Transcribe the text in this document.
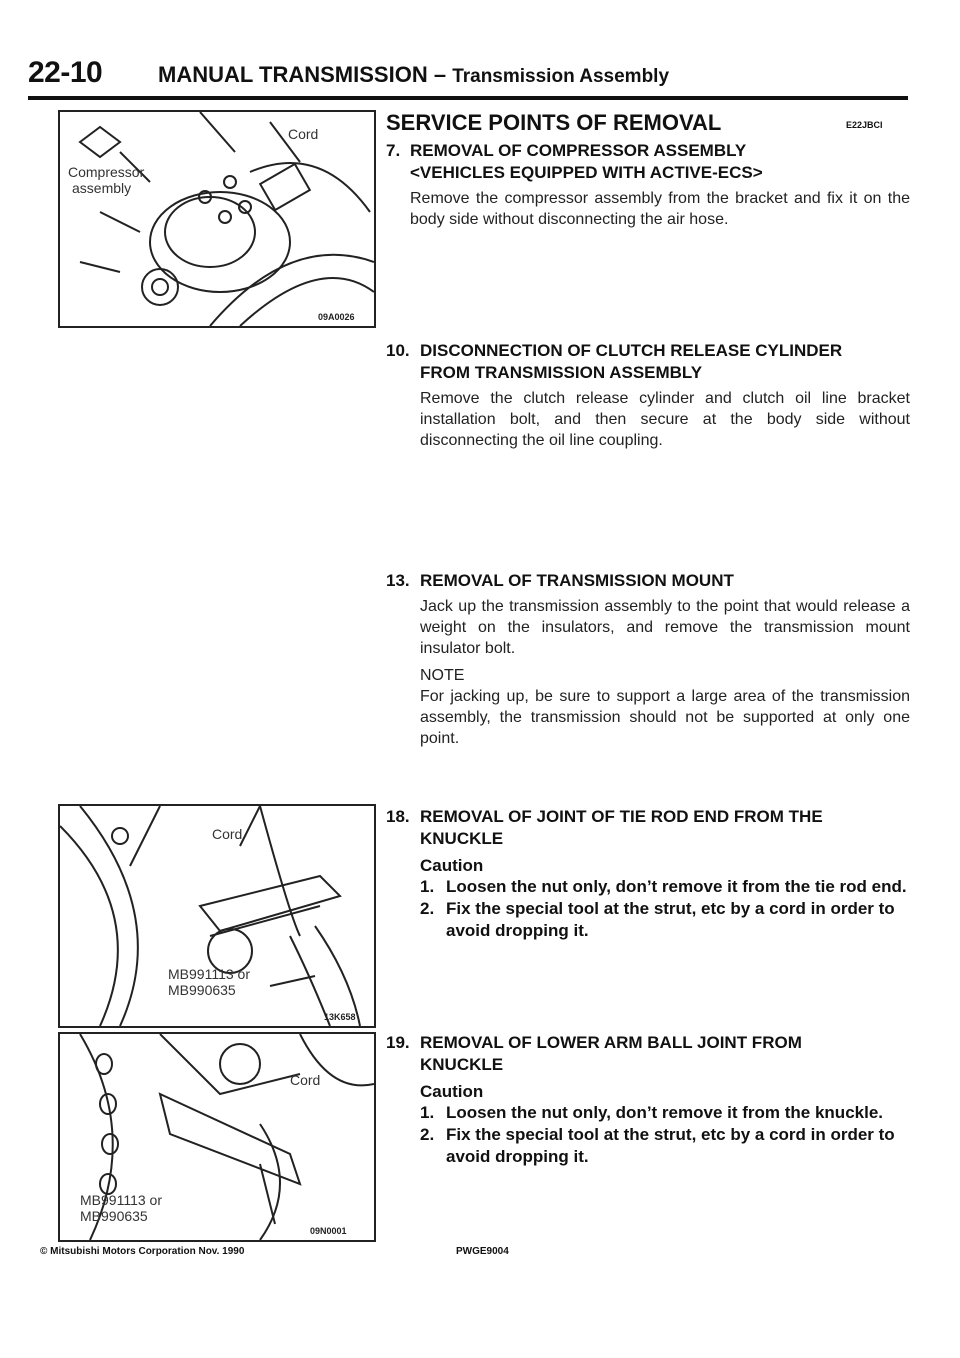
22-10	MANUAL TRANSMISSION – Transmission Assembly
Compressor
assembly
Cord
09A0026
Cord
MB991113 or
MB990635
13K658
Cord
MB991113 or
MB990635
09N0001
SERVICE POINTS OF REMOVAL	E22JBCI
7. REMOVAL OF COMPRESSOR ASSEMBLY
<VEHICLES EQUIPPED WITH ACTIVE-ECS>
Remove the compressor assembly from the bracket and fix it on the body side without disconnecting the air hose.
10. DISCONNECTION OF CLUTCH RELEASE CYLINDER
FROM TRANSMISSION ASSEMBLY
Remove the clutch release cylinder and clutch oil line bracket installation bolt, and then secure at the body side without disconnecting the oil line coupling.
13. REMOVAL OF TRANSMISSION MOUNT
Jack up the transmission assembly to the point that would release a weight on the insulators, and remove the transmission mount insulator bolt.
NOTE
For jacking up, be sure to support a large area of the transmission assembly, the transmission should not be supported at only one point.
18. REMOVAL OF JOINT OF TIE ROD END FROM THE
KNUCKLE
Caution
1. Loosen the nut only, don’t remove it from the tie rod end.
2. Fix the special tool at the strut, etc by a cord in order to avoid dropping it.
19. REMOVAL OF LOWER ARM BALL JOINT FROM
KNUCKLE
Caution
1. Loosen the nut only, don’t remove it from the knuckle.
2. Fix the special tool at the strut, etc by a cord in order to avoid dropping it.
© Mitsubishi Motors Corporation Nov. 1990	PWGE9004
